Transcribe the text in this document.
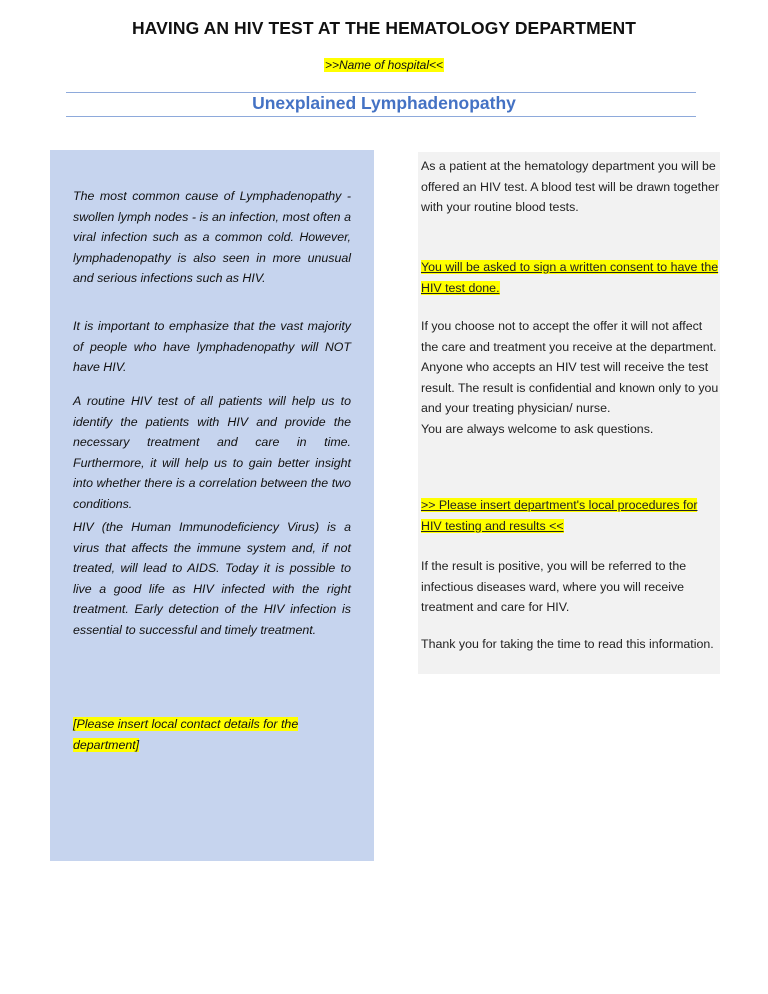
HAVING AN HIV TEST AT THE HEMATOLOGY DEPARTMENT
>>Name of hospital<<
Unexplained Lymphadenopathy
The most common cause of Lymphadenopathy - swollen lymph nodes - is an infection, most often a viral infection such as a common cold. However, lymphadenopathy is also seen in more unusual and serious infections such as HIV.
It is important to emphasize that the vast majority of people who have lymphadenopathy will NOT have HIV.
A routine HIV test of all patients will help us to identify the patients with HIV and provide the necessary treatment and care in time. Furthermore, it will help us to gain better insight into whether there is a correlation between the two conditions.
HIV (the Human Immunodeficiency Virus) is a virus that affects the immune system and, if not treated, will lead to AIDS. Today it is possible to live a good life as HIV infected with the right treatment. Early detection of the HIV infection is essential to successful and timely treatment.
[Please insert local contact details for the department]
As a patient at the hematology department you will be offered an HIV test. A blood test will be drawn together with your routine blood tests.
You will be asked to sign a written consent to have the HIV test done.
If you choose not to accept the offer it will not affect the care and treatment you receive at the department.
Anyone who accepts an HIV test will receive the test result. The result is confidential and known only to you and your treating physician/ nurse.
You are always welcome to ask questions.
>> Please insert department's local procedures for HIV testing and results <<
If the result is positive, you will be referred to the infectious diseases ward, where you will receive treatment and care for HIV.
Thank you for taking the time to read this information.
